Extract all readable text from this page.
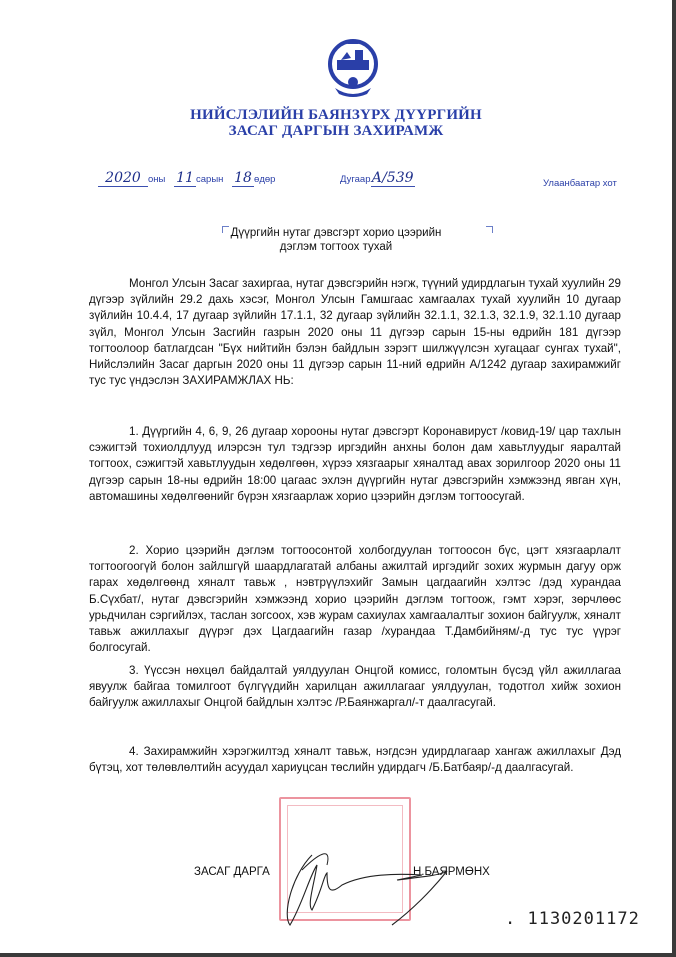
НИЙСЛЭЛИЙН БАЯНЗҮРХ ДҮҮРГИЙН
ЗАСАГ ДАРГЫН ЗАХИРАМЖ
2020 оны 11 сарын 18 өдөр	ДугаарА/539	Улаанбаатар хот
Дүүргийн нутаг дэвсгэрт хорио цээрийн
дэглэм тогтоох тухай

Монгол Улсын Засаг захиргаа, нутаг дэвсгэрийн нэгж, түүний удирдлагын тухай хуулийн 29 дүгээр зүйлийн 29.2 дахь хэсэг, Монгол Улсын Гамшгаас хамгаалах тухай хуулийн 10 дугаар зүйлийн 10.4.4, 17 дугаар зүйлийн 17.1.1, 32 дугаар зүйлийн 32.1.1, 32.1.3, 32.1.9, 32.1.10 дугаар зүйл, Монгол Улсын Засгийн газрын 2020 оны 11 дүгээр сарын 15-ны өдрийн 181 дүгээр тогтоолоор батлагдсан "Бүх нийтийн бэлэн байдлын зэрэгт шилжүүлсэн хугацааг сунгах тухай", Нийслэлийн Засаг даргын 2020 оны 11 дүгээр сарын 11-ний өдрийн А/1242 дугаар захирамжийг тус тус үндэслэн ЗАХИРАМЖЛАХ НЬ:

1. Дүүргийн 4, 6, 9, 26 дугаар хорооны нутаг дэвсгэрт Коронавируст /ковид-19/ цар тахлын сэжигтэй тохиолдлууд илэрсэн тул тэдгээр иргэдийн анхны болон дам хавьтлуудыг яаралтай тогтоох, сэжигтэй хавьтлуудын хөдөлгөөн, хүрээ хязгаарыг хяналтад авах зорилгоор 2020 оны 11 дүгээр сарын 18-ны өдрийн 18:00 цагаас эхлэн дүүргийн нутаг дэвсгэрийн хэмжээнд явган хүн, автомашины хөдөлгөөнийг бүрэн хязгаарлаж хорио цээрийн дэглэм тогтоосугай.

2. Хорио цээрийн дэглэм тогтоосонтой холбогдуулан тогтоосон бүс, цэгт хязгаарлалт тогтоогоогүй болон зайлшгүй шаардлагатай албаны ажилтай иргэдийг зохих журмын дагуу орж гарах хөдөлгөөнд хяналт тавьж , нэвтрүүлэхийг Замын цагдаагийн хэлтэс /дэд хурандаа Б.Сүхбат/, нутаг дэвсгэрийн хэмжээнд хорио цээрийн дэглэм тогтоож, гэмт хэрэг, зөрчлөөс урьдчилан сэргийлэх, таслан зогсоох, хэв журам сахиулах хамгаалалтыг зохион байгуулж, хяналт тавьж ажиллахыг дүүрэг дэх Цагдаагийн газар /хурандаа Т.Дамбийням/-д тус тус үүрэг болгосугай.

3. Үүссэн нөхцөл байдалтай уялдуулан Онцгой комисс, голомтын бүсэд үйл ажиллагаа явуулж байгаа томилгоот бүлгүүдийн харилцан ажиллагааг уялдуулан, тодотгол хийж зохион байгуулж ажиллахыг Онцгой байдлын хэлтэс /Р.Баянжаргал/-т даалгасугай.

4. Захирамжийн хэрэгжилтэд хяналт тавьж, нэгдсэн удирдлагаар хангаж ажиллахыг Дэд бүтэц, хот төлөвлөлтийн асуудал хариуцсан төслийн удирдагч /Б.Батбаяр/-д даалгасугай.

ЗАСАГ ДАРГА	Н.БАЯРМӨНХ
. 1130201172
